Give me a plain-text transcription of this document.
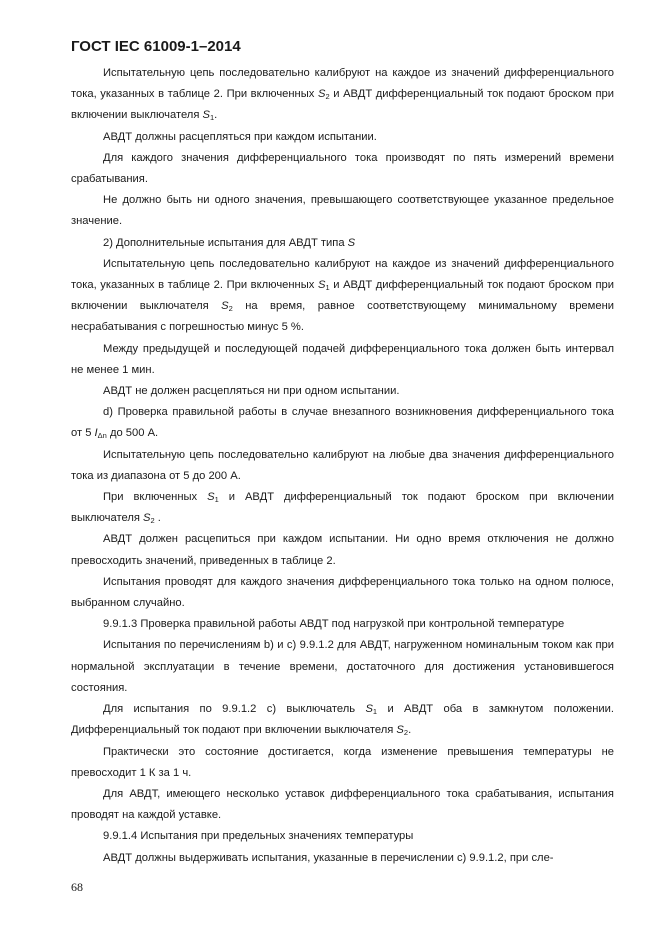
ГОСТ IEC 61009-1–2014

Испытательную цепь последовательно калибруют на каждое из значений дифференциального тока, указанных в таблице 2. При включенных $S_2$ и АВДТ дифференциальный ток подают броском при включении выключателя $S_1$.

АВДТ должны расцепляться при каждом испытании.

Для каждого значения дифференциального тока производят по пять измерений времени срабатывания.

Не должно быть ни одного значения, превышающего соответствующее указанное предельное значение.

2) Дополнительные испытания для АВДТ типа S

Испытательную цепь последовательно калибруют на каждое из значений дифференциального тока, указанных в таблице 2. При включенных $S_1$ и АВДТ дифференциальный ток подают броском при включении выключателя $S_2$ на время, равное соответствующему минимальному времени несрабатывания с погрешностью минус 5 %.

Между предыдущей и последующей подачей дифференциального тока должен быть интервал не менее 1 мин.

АВДТ не должен расцепляться ни при одном испытании.

d) Проверка правильной работы в случае внезапного возникновения дифференциального тока от 5 $I_{\Delta n}$ до 500 А.

Испытательную цепь последовательно калибруют на любые два значения дифференциального тока из диапазона от 5 до 200 А.

При включенных $S_1$ и АВДТ дифференциальный ток подают броском при включении выключателя $S_2$ .

АВДТ должен расцепиться при каждом испытании. Ни одно время отключения не должно превосходить значений, приведенных в таблице 2.

Испытания проводят для каждого значения дифференциального тока только на одном полюсе, выбранном случайно.

9.9.1.3 Проверка правильной работы АВДТ под нагрузкой при контрольной температуре

Испытания по перечислениям b) и c) 9.9.1.2 для АВДТ, нагруженном номинальным током как при нормальной эксплуатации в течение времени, достаточного для достижения установившегося состояния.

Для испытания по 9.9.1.2 с) выключатель $S_1$ и АВДТ оба в замкнутом положении. Дифференциальный ток подают при включении выключателя $S_2$.

Практически это состояние достигается, когда изменение превышения температуры не превосходит 1 К за 1 ч.

Для АВДТ, имеющего несколько уставок дифференциального тока срабатывания, испытания проводят на каждой уставке.

9.9.1.4 Испытания при предельных значениях температуры

АВДТ должны выдерживать испытания, указанные в перечислении с) 9.9.1.2, при сле-

68
